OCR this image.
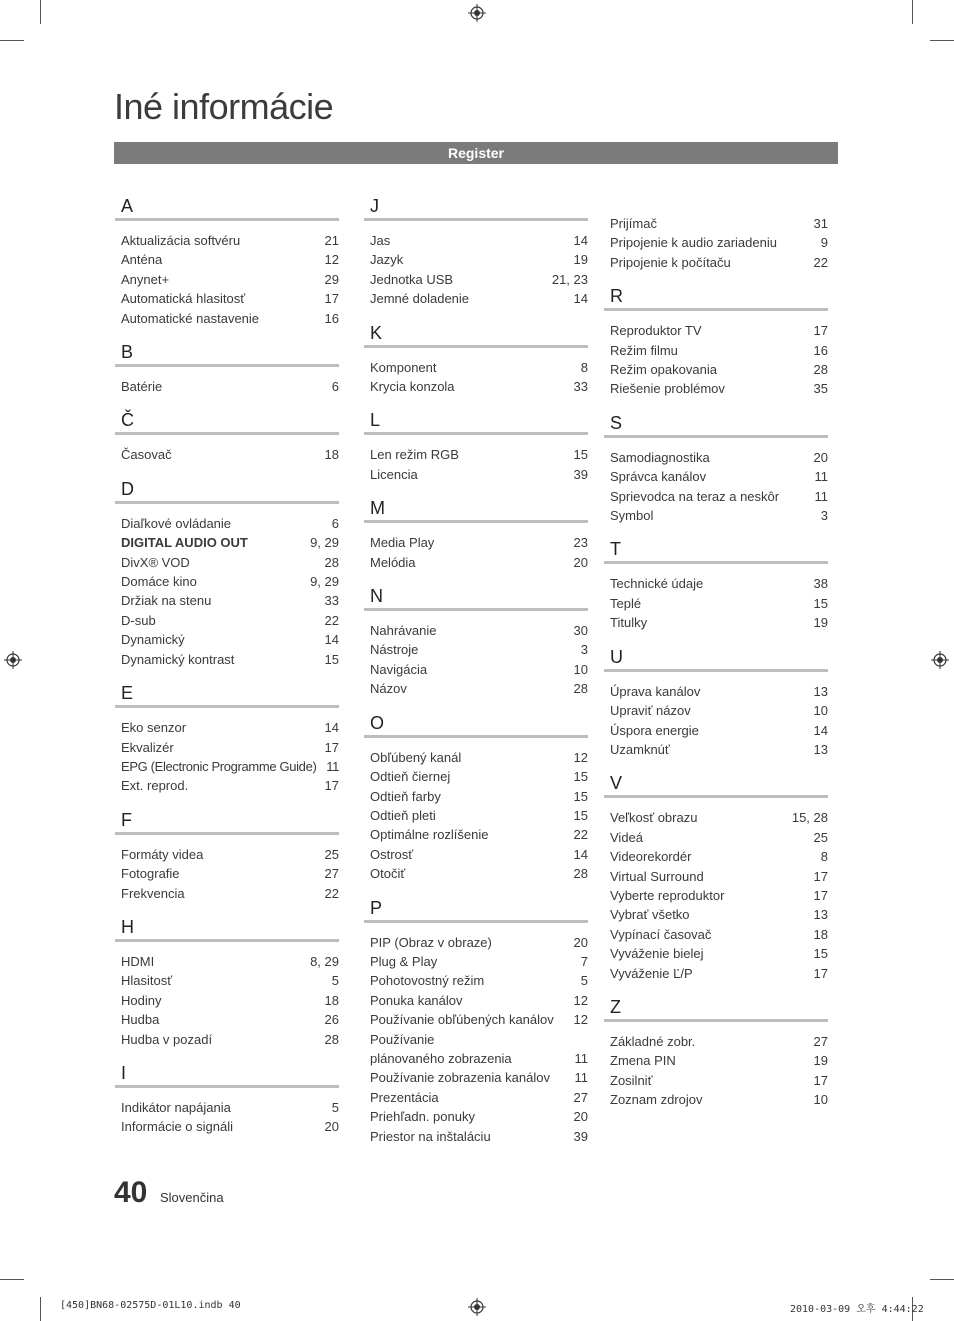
Iné informácie
Register
A
Aktualizácia softvéru	21
Anténa	12
Anynet+	29
Automatická hlasitosť	17
Automatické nastavenie	16
B
Batérie	6
Č
Časovač	18
D
Diaľkové ovládanie	6
DIGITAL AUDIO OUT	9, 29
DivX® VOD	28
Domáce kino	9, 29
Držiak na stenu	33
D-sub	22
Dynamický	14
Dynamický kontrast	15
E
Eko senzor	14
Ekvalizér	17
EPG (Electronic Programme Guide) 11
Ext. reprod.	17
F
Formáty videa	25
Fotografie	27
Frekvencia	22
H
HDMI	8, 29
Hlasitosť	5
Hodiny	18
Hudba	26
Hudba v pozadí	28
I
Indikátor napájania	5
Informácie o signáli	20
J
Jas	14
Jazyk	19
Jednotka USB	21, 23
Jemné doladenie	14
K
Komponent	8
Krycia konzola	33
L
Len režim RGB	15
Licencia	39
M
Media Play	23
Melódia	20
N
Nahrávanie	30
Nástroje	3
Navigácia	10
Názov	28
O
Obľúbený kanál	12
Odtieň čiernej	15
Odtieň farby	15
Odtieň pleti	15
Optimálne rozlíšenie	22
Ostrosť	14
Otočiť	28
P
PIP (Obraz v obraze)	20
Plug & Play	7
Pohotovostný režim	5
Ponuka kanálov	12
Používanie obľúbených kanálov	12
Používanie
plánovaného zobrazenia	11
Používanie zobrazenia kanálov	11
Prezentácia	27
Priehľadn. ponuky	20
Priestor na inštaláciu	39
Prijímač	31
Pripojenie k audio zariadeniu	9
Pripojenie k počítaču	22
R
Reproduktor TV	17
Režim filmu	16
Režim opakovania	28
Riešenie problémov	35
S
Samodiagnostika	20
Správca kanálov	11
Sprievodca na teraz a neskôr	11
Symbol	3
T
Technické údaje	38
Teplé	15
Titulky	19
U
Úprava kanálov	13
Upraviť názov	10
Úspora energie	14
Uzamknúť	13
V
Veľkosť obrazu	15, 28
Videá	25
Videorekordér	8
Virtual Surround	17
Vyberte reproduktor	17
Vybrať všetko	13
Vypínací časovač	18
Vyváženie bielej	15
Vyváženie Ľ/P	17
Z
Základné zobr.	27
Zmena PIN	19
Zosilniť	17
Zoznam zdrojov	10
40 Slovenčina
[450]BN68-02575D-01L10.indb 40	2010-03-09 오후 4:44:22
